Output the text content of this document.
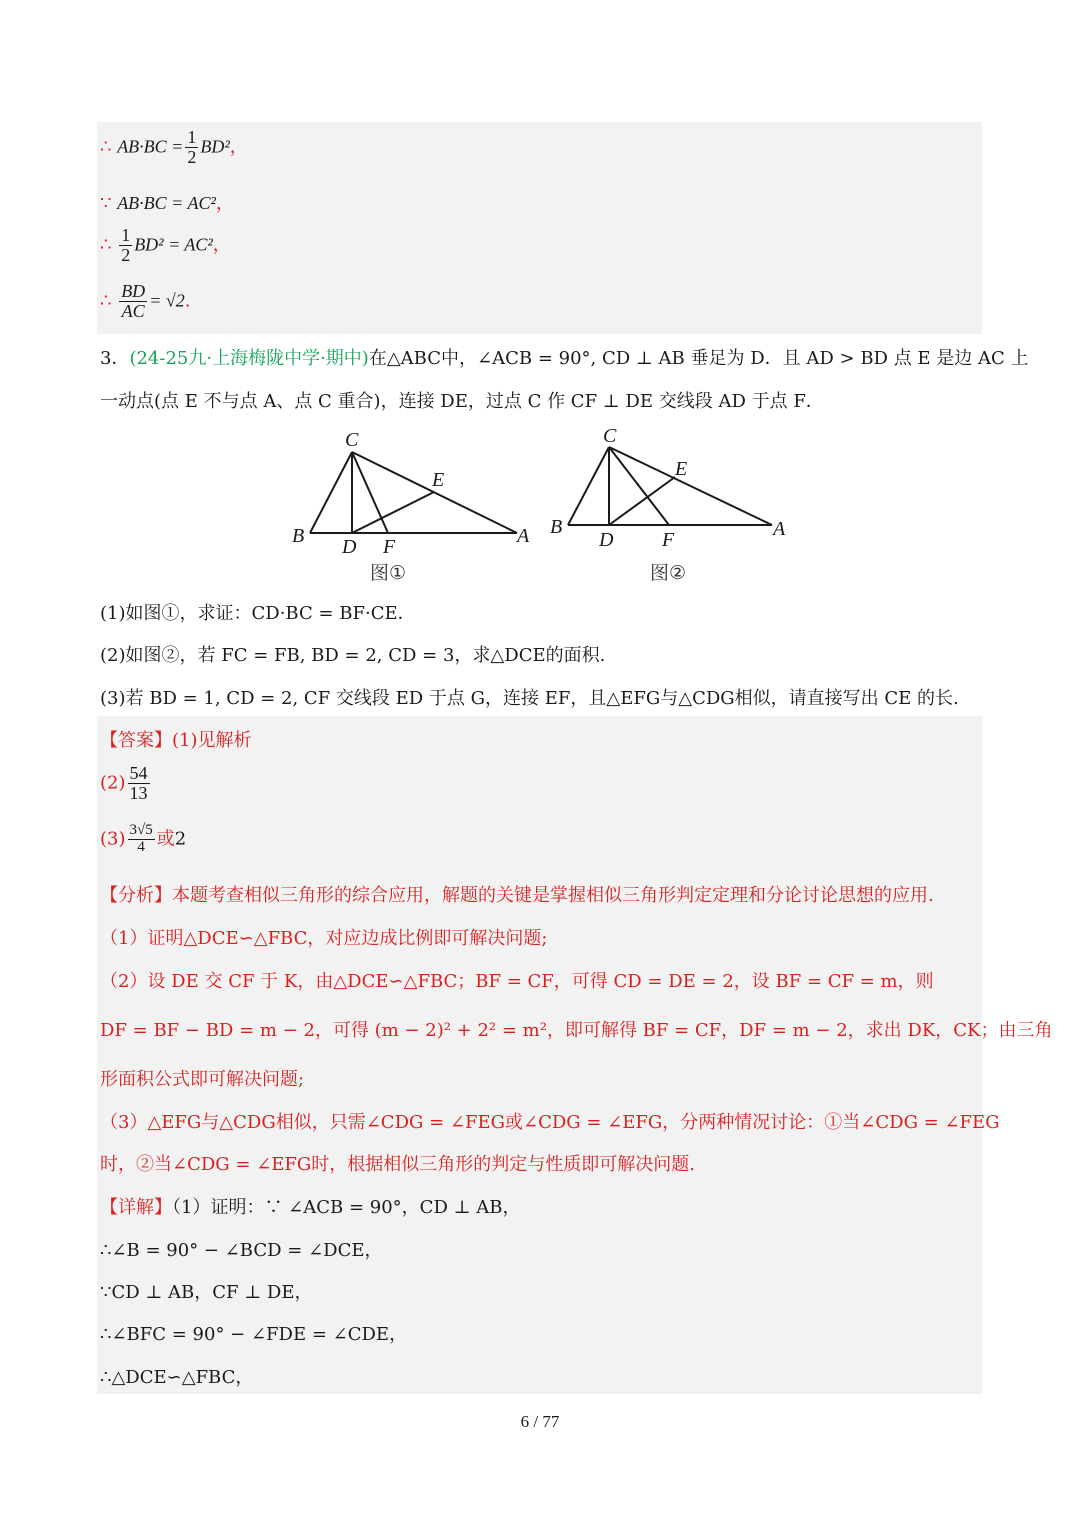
∴ $AB\cdot BC = \frac{1}{2} BD^2$，
∵ AB·BC = AC²，
∴ $\frac{1}{2} BD^2 = AC^2$，
∴ $\frac{BD}{AC} = √2$.
3．(24-25九·上海梅陇中学·期中)在△ABC中，∠ACB = 90°, CD ⊥ AB 垂足为 D．且 AD > BD 点 E 是边 AC 上
一动点(点 E 不与点 A、点 C 重合)，连接 DE，过点 C 作 CF ⊥ DE 交线段 AD 于点 F．
C
E
B	A
D F
图①
C
E
B	A
D F
图②
(1)如图①，求证：CD·BC = BF·CE．
(2)如图②，若 FC = FB, BD = 2, CD = 3，求△DCE的面积.
(3)若 BD = 1, CD = 2, CF 交线段 ED 于点 G，连接 EF，且△EFG与△CDG相似，请直接写出 CE 的长.
【答案】(1)见解析
$(2) \frac{54}{13}$
$(3) \frac{3√5}{4}$ 或2
【分析】本题考查相似三角形的综合应用，解题的关键是掌握相似三角形判定定理和分论讨论思想的应用.
（1）证明△DCE∽△FBC，对应边成比例即可解决问题;
（2）设 DE 交 CF 于 K，由△DCE∽△FBC；BF = CF，可得 CD = DE = 2，设 BF = CF = m，则
DF = BF − BD = m − 2，可得 (m − 2)² + 2² = m²，即可解得 BF = CF，DF = m − 2，求出 DK，CK；由三角
形面积公式即可解决问题;
（3）△EFG与△CDG相似，只需∠CDG = ∠FEG或∠CDG = ∠EFG，分两种情况讨论：①当∠CDG = ∠FEG
时，②当∠CDG = ∠EFG时，根据相似三角形的判定与性质即可解决问题.
【详解】（1）证明：∵ ∠ACB = 90°，CD ⊥ AB，
∴∠B = 90° − ∠BCD = ∠DCE，
∵CD ⊥ AB，CF ⊥ DE，
∴∠BFC = 90° − ∠FDE = ∠CDE，
∴△DCE∽△FBC，
6 / 77
